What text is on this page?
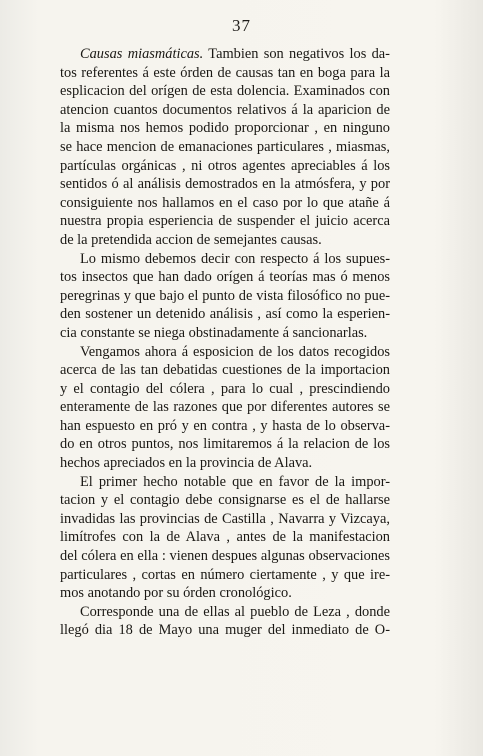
37
Causas miasmáticas. Tambien son negativos los da-
tos referentes á este órden de causas tan en boga para la
esplicacion del orígen de esta dolencia. Examinados con
atencion cuantos documentos relativos á la aparicion de
la misma nos hemos podido proporcionar , en ninguno
se hace mencion de emanaciones particulares , miasmas,
partículas orgánicas , ni otros agentes apreciables á los
sentidos ó al análisis demostrados en la atmósfera, y por
consiguiente nos hallamos en el caso por lo que atañe á
nuestra propia esperiencia de suspender el juicio acerca
de la pretendida accion de semejantes causas.
Lo mismo debemos decir con respecto á los supues-
tos insectos que han dado orígen á teorías mas ó menos
peregrinas y que bajo el punto de vista filosófico no pue-
den sostener un detenido análisis , así como la esperien-
cia constante se niega obstinadamente á sancionarlas.
Vengamos ahora á esposicion de los datos recogidos
acerca de las tan debatidas cuestiones de la importacion
y el contagio del cólera , para lo cual , prescindiendo
enteramente de las razones que por diferentes autores se
han espuesto en pró y en contra , y hasta de lo observa-
do en otros puntos, nos limitaremos á la relacion de los
hechos apreciados en la provincia de Alava.
El primer hecho notable que en favor de la impor-
tacion y el contagio debe consignarse es el de hallarse
invadidas las provincias de Castilla , Navarra y Vizcaya,
limítrofes con la de Alava , antes de la manifestacion
del cólera en ella : vienen despues algunas observaciones
particulares , cortas en número ciertamente , y que ire-
mos anotando por su órden cronológico.
Corresponde una de ellas al pueblo de Leza , donde
llegó dia 18 de Mayo una muger del inmediato de O-
